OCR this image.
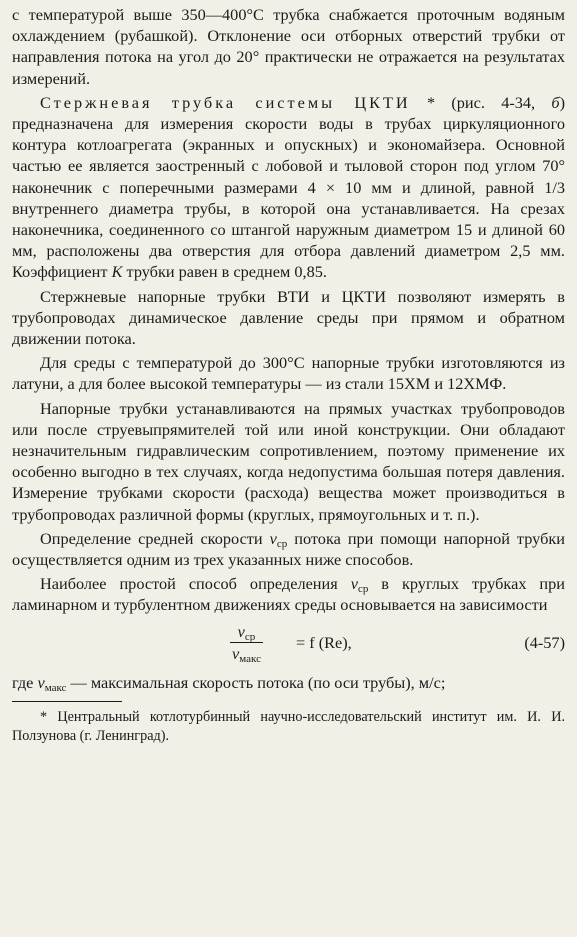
с температурой выше 350—400°С трубка снабжается проточным водяным охлаждением (рубашкой). Отклонение оси отборных отверстий трубки от направления потока на угол до 20° практически не отражается на результатах измерений.

Стержневая трубка системы ЦКТИ * (рис. 4-34, б) предназначена для измерения скорости воды в трубах циркуляционного контура котлоагрегата (экранных и опускных) и экономайзера. Основной частью ее является заостренный с лобовой и тыловой сторон под углом 70° наконечник с поперечными размерами 4 × 10 мм и длиной, равной 1/3 внутреннего диаметра трубы, в которой она устанавливается. На срезах наконечника, соединенного со штангой наружным диаметром 15 и длиной 60 мм, расположены два отверстия для отбора давлений диаметром 2,5 мм. Коэффициент K трубки равен в среднем 0,85.

Стержневые напорные трубки ВТИ и ЦКТИ позволяют измерять в трубопроводах динамическое давление среды при прямом и обратном движении потока.

Для среды с температурой до 300°С напорные трубки изготовляются из латуни, а для более высокой температуры — из стали 15ХМ и 12ХМФ.

Напорные трубки устанавливаются на прямых участках трубопроводов или после струевыпрямителей той или иной конструкции. Они обладают незначительным гидравлическим сопротивлением, поэтому применение их особенно выгодно в тех случаях, когда недопустима большая потеря давления. Измерение трубками скорости (расхода) вещества может производиться в трубопроводах различной формы (круглых, прямоугольных и т. п.).

Определение средней скорости $v_{ср}$ потока при помощи напорной трубки осуществляется одним из трех указанных ниже способов.

Наиболее простой способ определения $v_{ср}$ в круглых трубках при ламинарном и турбулентном движениях среды основывается на зависимости

$v_{ср}$
$v_{макс}$
= f (Re),	(4-57)

где $v_{макс}$ — максимальная скорость потока (по оси трубы), м/с;

* Центральный котлотурбинный научно-исследовательский институт им. И. И. Ползунова (г. Ленинград).
